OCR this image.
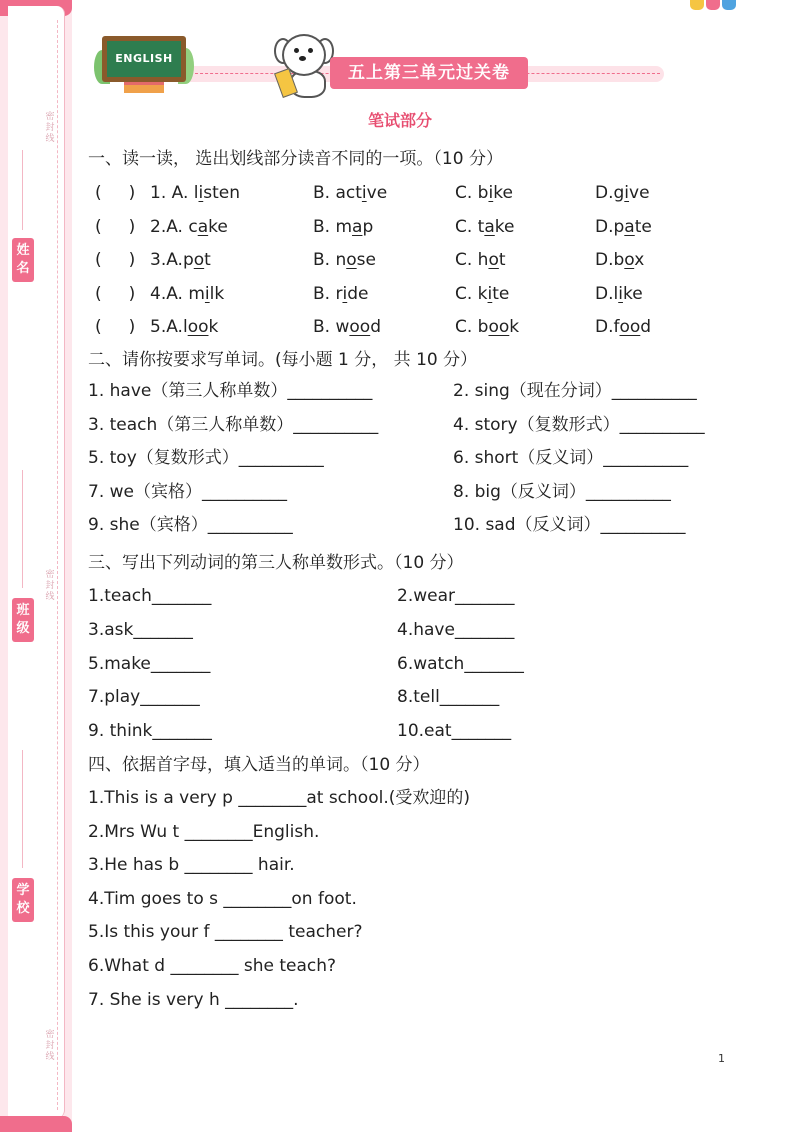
密封线
密封线
密封线
姓名
班级
学校
ENGLISH
五上第三单元过关卷
笔试部分
一、读一读， 选出划线部分读音不同的一项。（10 分）
(     ) 1. A. listen	B. active	C. bike	D.give
(     ) 2.A. cake	B. map	C. take	D.pate
(     ) 3.A.pot	B. nose	C. hot	D.box
(     ) 4.A. milk	B. ride	C. kite	D.like
(     ) 5.A.look	B. wood	C. book	D.food
二、请你按要求写单词。(每小题 1 分， 共 10 分）
1. have（第三人称单数）__________	2. sing（现在分词）__________
3. teach（第三人称单数）__________	4. story（复数形式）__________
5. toy（复数形式）__________	6. short（反义词）__________
7. we（宾格）__________	8. big（反义词）__________
9. she（宾格）__________	10. sad（反义词）__________
三、写出下列动词的第三人称单数形式。（10 分）
1.teach_______	2.wear_______
3.ask_______	4.have_______
5.make_______	6.watch_______
7.play_______	8.tell_______
9. think_______	10.eat_______
四、依据首字母，填入适当的单词。（10 分）
1.This is a very p ________at school.(受欢迎的)
2.Mrs Wu t ________English.
3.He has b ________ hair.
4.Tim goes to s ________on foot.
5.Is this your f ________ teacher?
6.What d ________ she teach?
7. She is very h ________.
1
